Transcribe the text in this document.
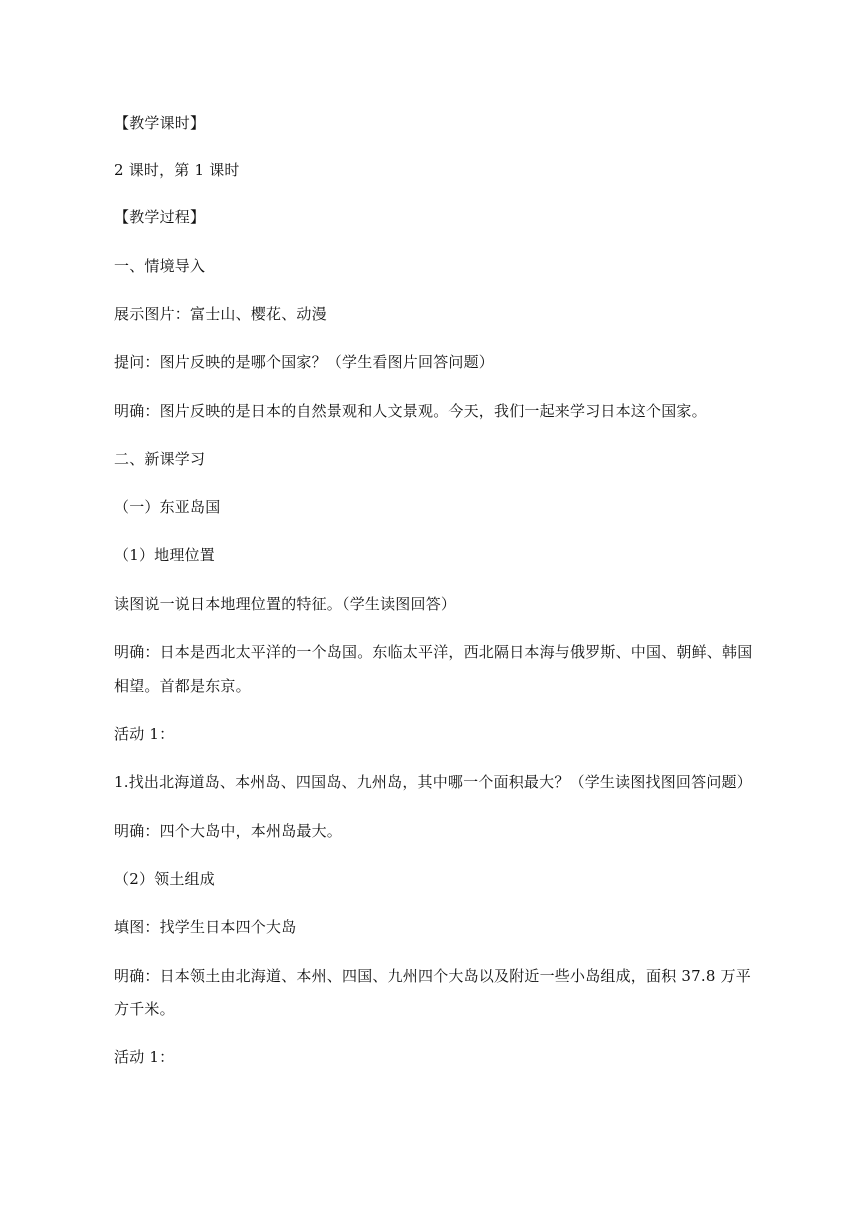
【教学课时】
2 课时，第 1 课时
【教学过程】
一、情境导入
展示图片：富士山、樱花、动漫
提问：图片反映的是哪个国家？（学生看图片回答问题）
明确：图片反映的是日本的自然景观和人文景观。今天，我们一起来学习日本这个国家。
二、新课学习
（一）东亚岛国
（1）地理位置
读图说一说日本地理位置的特征。（学生读图回答）
明确：日本是西北太平洋的一个岛国。东临太平洋，西北隔日本海与俄罗斯、中国、朝鲜、韩国
相望。首都是东京。
活动 1：
1.找出北海道岛、本州岛、四国岛、九州岛，其中哪一个面积最大？（学生读图找图回答问题）
明确：四个大岛中，本州岛最大。
（2）领土组成
填图：找学生日本四个大岛
明确：日本领土由北海道、本州、四国、九州四个大岛以及附近一些小岛组成，面积 37.8 万平
方千米。
活动 1：
